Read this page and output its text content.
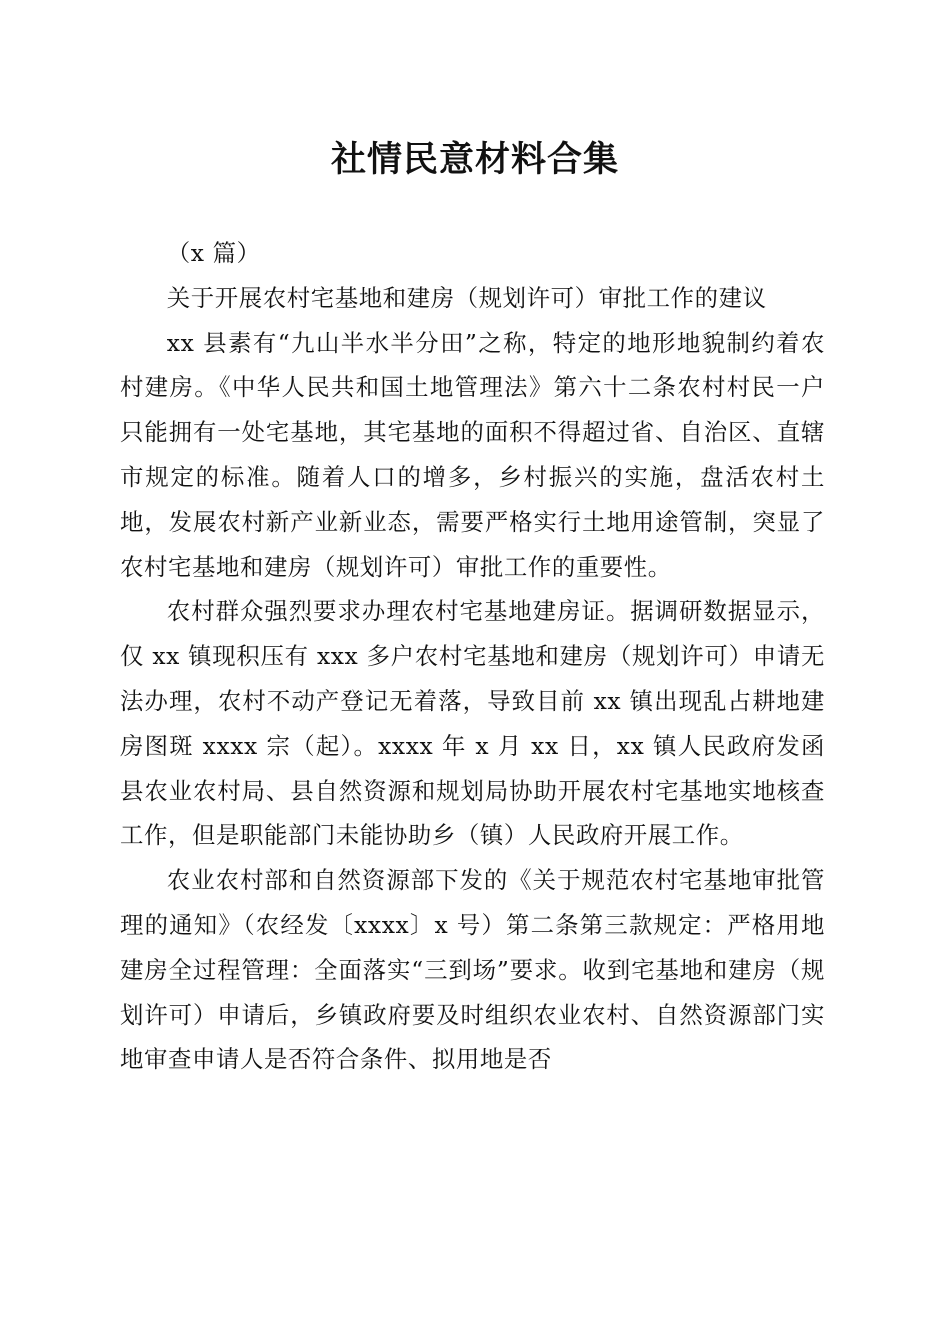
社情民意材料合集

（x 篇）

关于开展农村宅基地和建房（规划许可）审批工作的建议

xx 县素有“九山半水半分田”之称，特定的地形地貌制约着农村建房。《中华人民共和国土地管理法》第六十二条农村村民一户只能拥有一处宅基地，其宅基地的面积不得超过省、自治区、直辖市规定的标准。随着人口的增多，乡村振兴的实施，盘活农村土地，发展农村新产业新业态，需要严格实行土地用途管制，突显了农村宅基地和建房（规划许可）审批工作的重要性。

农村群众强烈要求办理农村宅基地建房证。据调研数据显示，仅 xx 镇现积压有 xxx 多户农村宅基地和建房（规划许可）申请无法办理，农村不动产登记无着落，导致目前 xx 镇出现乱占耕地建房图斑 xxxx 宗（起）。xxxx 年 x 月 xx 日，xx 镇人民政府发函县农业农村局、县自然资源和规划局协助开展农村宅基地实地核查工作，但是职能部门未能协助乡（镇）人民政府开展工作。

农业农村部和自然资源部下发的《关于规范农村宅基地审批管理的通知》（农经发〔xxxx〕x 号）第二条第三款规定：严格用地建房全过程管理：全面落实“三到场”要求。收到宅基地和建房（规划许可）申请后，乡镇政府要及时组织农业农村、自然资源部门实地审查申请人是否符合条件、拟用地是否
